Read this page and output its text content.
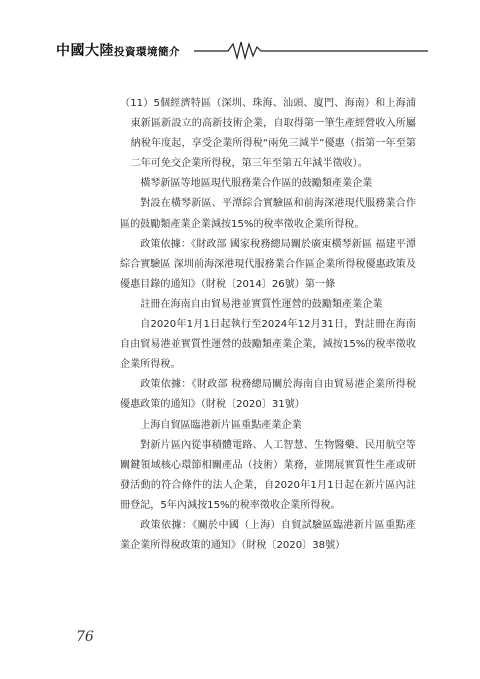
中國大陸投資環境簡介

（11）5個經濟特區（深圳、珠海、汕頭、廈門、海南）和上海浦東新區新設立的高新技術企業，自取得第一筆生產經營收入所屬納稅年度起，享受企業所得稅“兩免三減半”優惠（指第一年至第二年可免交企業所得稅，第三年至第五年減半徵收）。

橫琴新區等地區現代服務業合作區的鼓勵類產業企業

對設在橫琴新區、平潭綜合實驗區和前海深港現代服務業合作區的鼓勵類產業企業減按15%的稅率徵收企業所得稅。

政策依據：《財政部 國家稅務總局關於廣東橫琴新區 福建平潭綜合實驗區 深圳前海深港現代服務業合作區企業所得稅優惠政策及優惠目錄的通知》（財稅〔2014〕26號）第一條

註冊在海南自由貿易港並實質性運營的鼓勵類產業企業

自2020年1月1日起執行至2024年12月31日，對註冊在海南自由貿易港並實質性運營的鼓勵類產業企業，減按15%的稅率徵收企業所得稅。

政策依據：《財政部 稅務總局關於海南自由貿易港企業所得稅優惠政策的通知》（財稅〔2020〕31號）

上海自貿區臨港新片區重點產業企業

對新片區內從事積體電路、人工智慧、生物醫藥、民用航空等關鍵領域核心環節相關產品（技術）業務，並開展實質性生產或研發活動的符合條件的法人企業，自2020年1月1日起在新片區內註冊登記，5年內減按15%的稅率徵收企業所得稅。

政策依據：《關於中國（上海）自貿試驗區臨港新片區重點產業企業所得稅政策的通知》（財稅〔2020〕38號）

76
